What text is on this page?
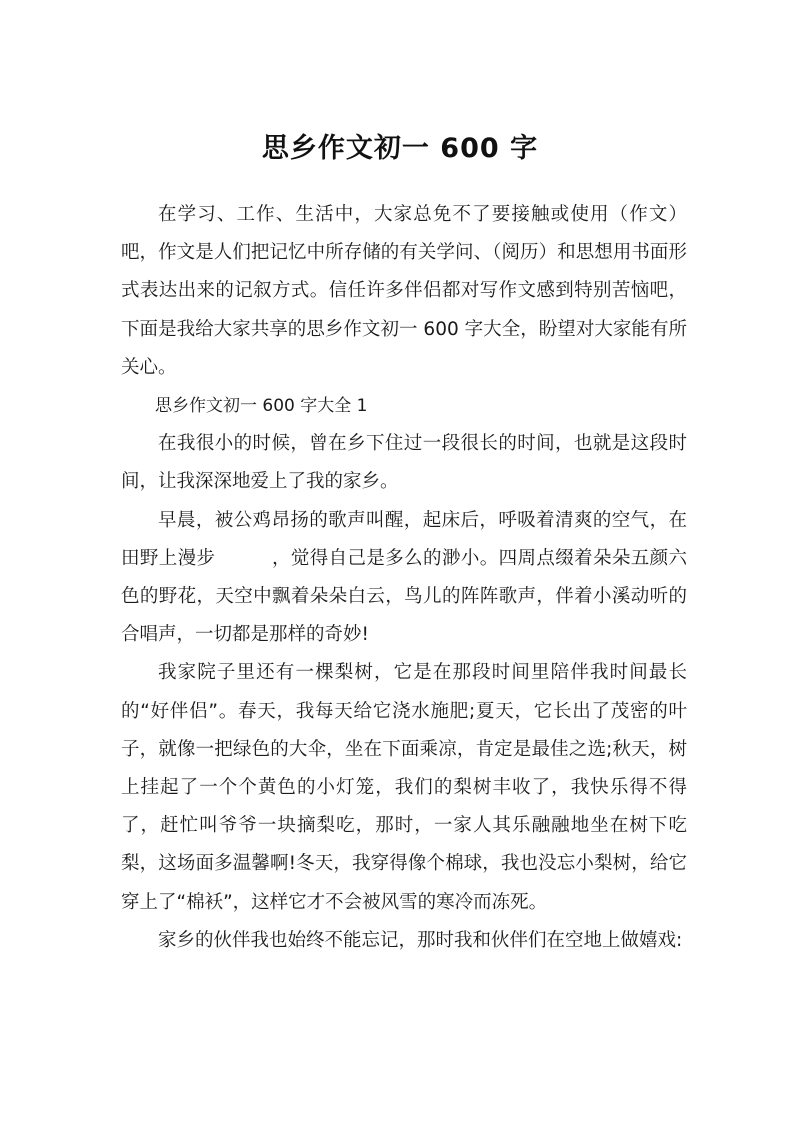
思乡作文初一 600 字

在学习、工作、生活中，大家总免不了要接触或使用（作文）吧，作文是人们把记忆中所存储的有关学问、（阅历）和思想用书面形式表达出来的记叙方式。信任许多伴侣都对写作文感到特别苦恼吧，下面是我给大家共享的思乡作文初一 600 字大全，盼望对大家能有所关心。

思乡作文初一 600 字大全 1

在我很小的时候，曾在乡下住过一段很长的时间，也就是这段时间，让我深深地爱上了我的家乡。

早晨，被公鸡昂扬的歌声叫醒，起床后，呼吸着清爽的空气，在田野上漫步　　　，觉得自己是多么的渺小。四周点缀着朵朵五颜六色的野花，天空中飘着朵朵白云，鸟儿的阵阵歌声，伴着小溪动听的合唱声，一切都是那样的奇妙!

我家院子里还有一棵梨树，它是在那段时间里陪伴我时间最长的“好伴侣”。春天，我每天给它浇水施肥;夏天，它长出了茂密的叶子，就像一把绿色的大伞，坐在下面乘凉，肯定是最佳之选;秋天，树上挂起了一个个黄色的小灯笼，我们的梨树丰收了，我快乐得不得了，赶忙叫爷爷一块摘梨吃，那时，一家人其乐融融地坐在树下吃梨，这场面多温馨啊!冬天，我穿得像个棉球，我也没忘小梨树，给它穿上了“棉袄”，这样它才不会被风雪的寒冷而冻死。

家乡的伙伴我也始终不能忘记，那时我和伙伴们在空地上做嬉戏:
